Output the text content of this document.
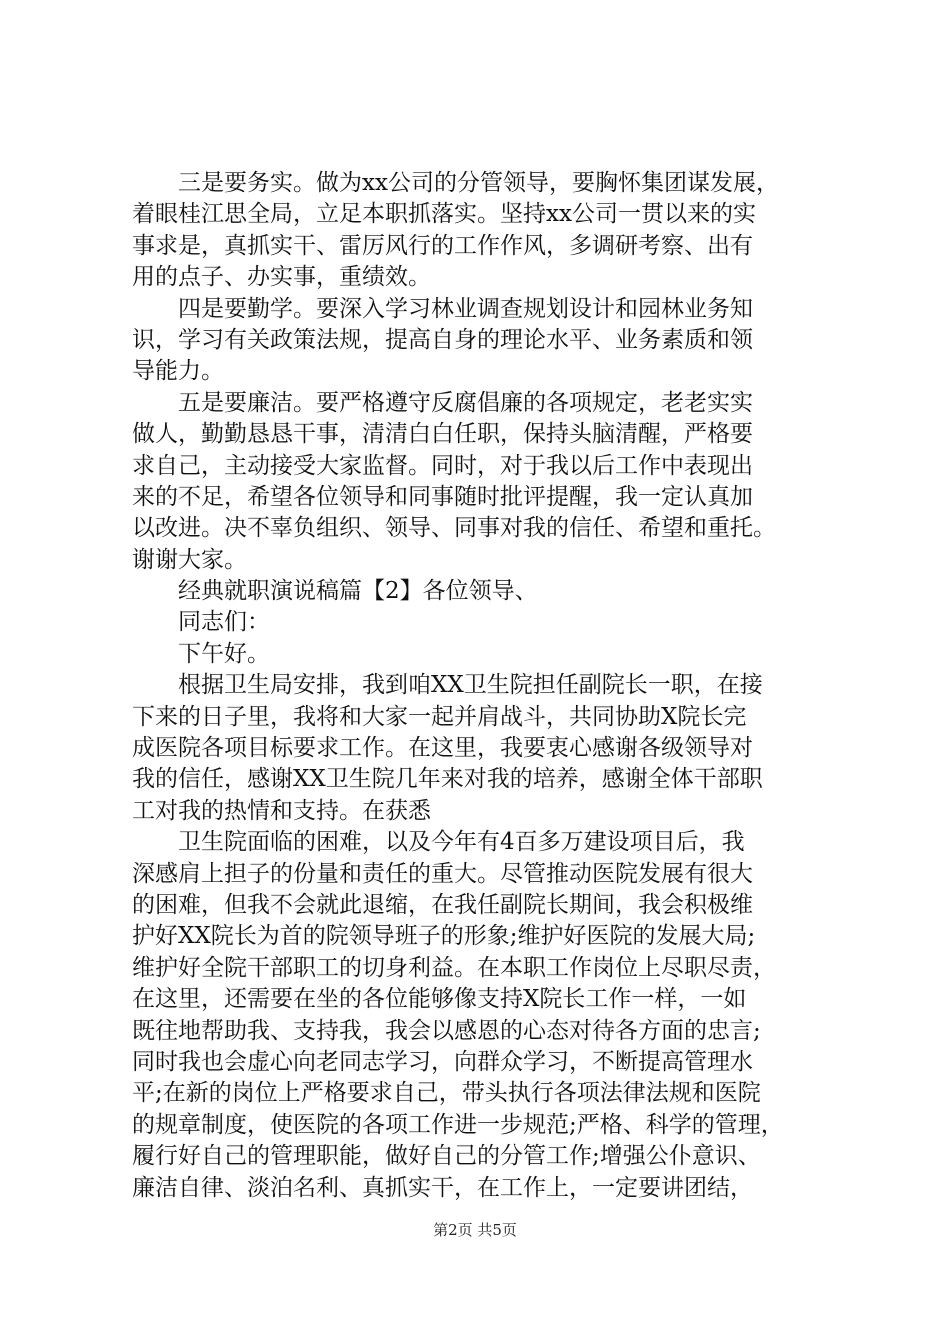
三是要务实。做为xx公司的分管领导，要胸怀集团谋发展，
着眼桂江思全局，立足本职抓落实。坚持xx公司一贯以来的实
事求是，真抓实干、雷厉风行的工作作风，多调研考察、出有
用的点子、办实事，重绩效。
四是要勤学。要深入学习林业调查规划设计和园林业务知
识，学习有关政策法规，提高自身的理论水平、业务素质和领
导能力。
五是要廉洁。要严格遵守反腐倡廉的各项规定，老老实实
做人，勤勤恳恳干事，清清白白任职，保持头脑清醒，严格要
求自己，主动接受大家监督。同时，对于我以后工作中表现出
来的不足，希望各位领导和同事随时批评提醒，我一定认真加
以改进。决不辜负组织、领导、同事对我的信任、希望和重托。
谢谢大家。
经典就职演说稿篇【2】各位领导、
同志们：
下午好。
根据卫生局安排，我到咱XX卫生院担任副院长一职，在接
下来的日子里，我将和大家一起并肩战斗，共同协助X院长完
成医院各项目标要求工作。在这里，我要衷心感谢各级领导对
我的信任，感谢XX卫生院几年来对我的培养，感谢全体干部职
工对我的热情和支持。在获悉
卫生院面临的困难，以及今年有4百多万建设项目后，我
深感肩上担子的份量和责任的重大。尽管推动医院发展有很大
的困难，但我不会就此退缩，在我任副院长期间，我会积极维
护好XX院长为首的院领导班子的形象;维护好医院的发展大局;
维护好全院干部职工的切身利益。在本职工作岗位上尽职尽责，
在这里，还需要在坐的各位能够像支持X院长工作一样，一如
既往地帮助我、支持我，我会以感恩的心态对待各方面的忠言;
同时我也会虚心向老同志学习，向群众学习，不断提高管理水
平;在新的岗位上严格要求自己，带头执行各项法律法规和医院
的规章制度，使医院的各项工作进一步规范;严格、科学的管理，
履行好自己的管理职能，做好自己的分管工作;增强公仆意识、
廉洁自律、淡泊名利、真抓实干，在工作上，一定要讲团结，
第2页 共5页
